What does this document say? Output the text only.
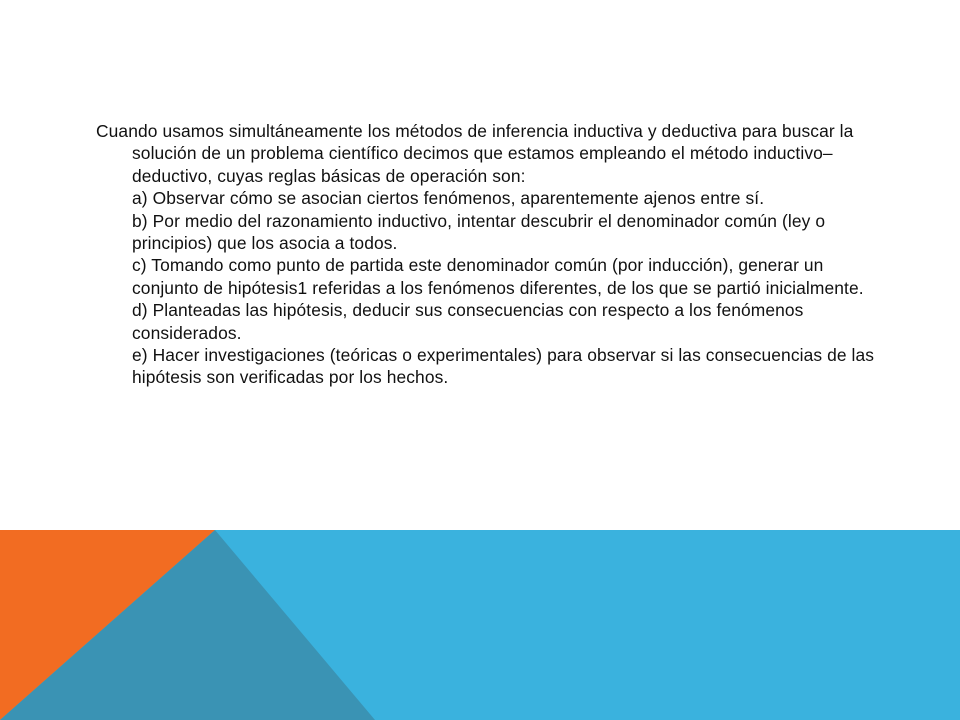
Cuando usamos simultáneamente los métodos de inferencia inductiva y deductiva para buscar la solución de un problema científico decimos que estamos empleando el método inductivo–deductivo, cuyas reglas básicas de operación son:

a) Observar cómo se asocian ciertos fenómenos, aparentemente ajenos entre sí.
b) Por medio del razonamiento inductivo, intentar descubrir el denominador común (ley o principios) que los asocia a todos.
c) Tomando como punto de partida este denominador común (por inducción), generar un conjunto de hipótesis1 referidas a los fenómenos diferentes, de los que se partió inicialmente.
d) Planteadas las hipótesis, deducir sus consecuencias con respecto a los fenómenos considerados.
e) Hacer investigaciones (teóricas o experimentales) para observar si las consecuencias de las hipótesis son verificadas por los hechos.
